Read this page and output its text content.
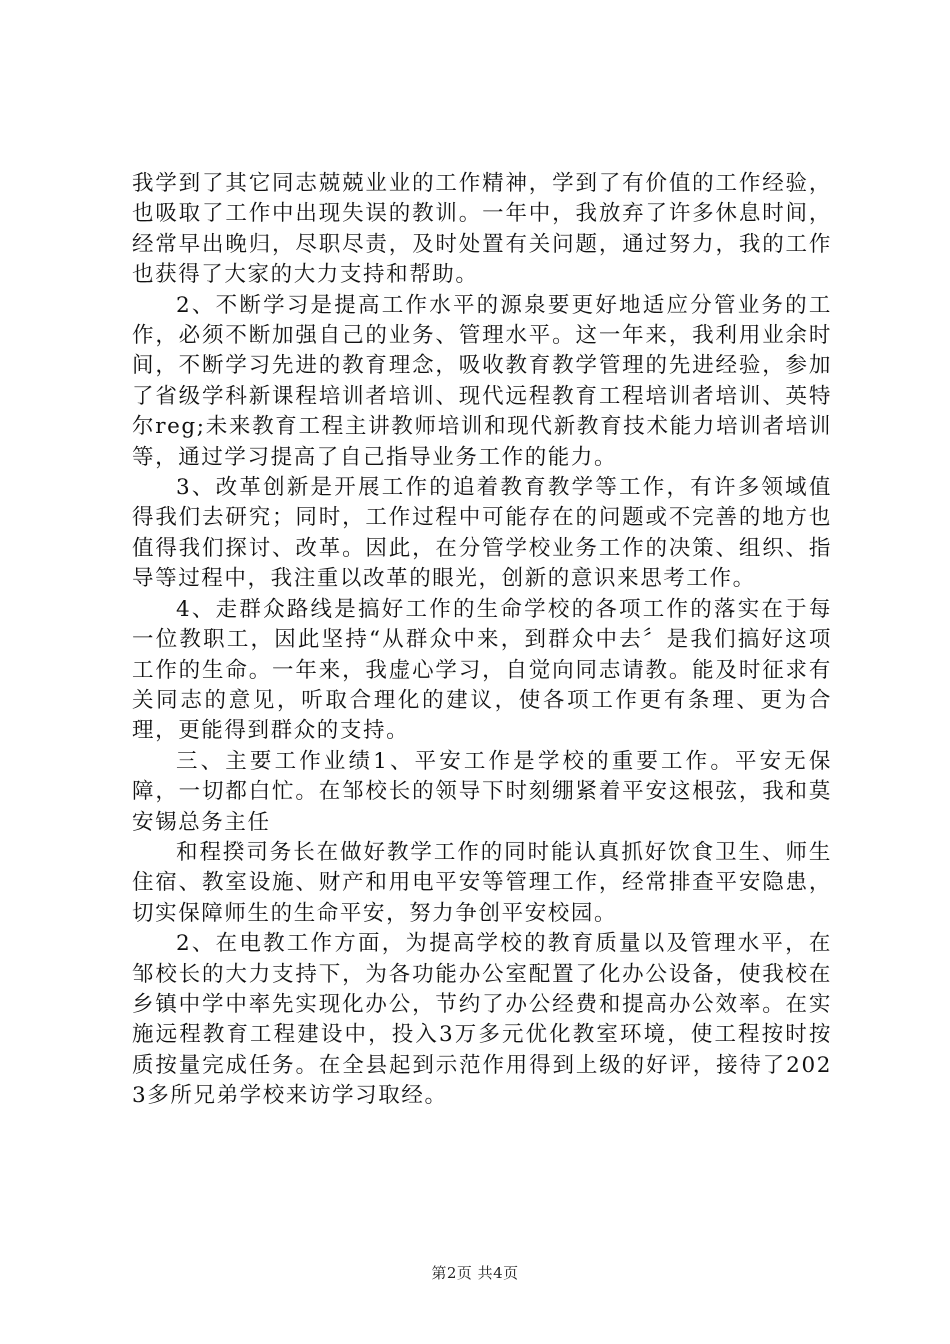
我学到了其它同志兢兢业业的工作精神，学到了有价值的工作经验，也吸取了工作中出现失误的教训。一年中，我放弃了许多休息时间，经常早出晚归，尽职尽责，及时处置有关问题，通过努力，我的工作也获得了大家的大力支持和帮助。

2、不断学习是提高工作水平的源泉要更好地适应分管业务的工作，必须不断加强自己的业务、管理水平。这一年来，我利用业余时间，不断学习先进的教育理念，吸收教育教学管理的先进经验，参加了省级学科新课程培训者培训、现代远程教育工程培训者培训、英特尔reg;未来教育工程主讲教师培训和现代新教育技术能力培训者培训等，通过学习提高了自己指导业务工作的能力。

3、改革创新是开展工作的追着教育教学等工作，有许多领域值得我们去研究；同时，工作过程中可能存在的问题或不完善的地方也值得我们探讨、改革。因此，在分管学校业务工作的决策、组织、指导等过程中，我注重以改革的眼光，创新的意识来思考工作。

4、走群众路线是搞好工作的生命学校的各项工作的落实在于每一位教职工，因此坚持“从群众中来，到群众中去〞是我们搞好这项工作的生命。一年来，我虚心学习，自觉向同志请教。能及时征求有关同志的意见，听取合理化的建议，使各项工作更有条理、更为合理，更能得到群众的支持。

三、主要工作业绩1、平安工作是学校的重要工作。平安无保障，一切都白忙。在邹校长的领导下时刻绷紧着平安这根弦，我和莫安锡总务主任

和程揆司务长在做好教学工作的同时能认真抓好饮食卫生、师生住宿、教室设施、财产和用电平安等管理工作，经常排查平安隐患，切实保障师生的生命平安，努力争创平安校园。

2、在电教工作方面，为提高学校的教育质量以及管理水平，在邹校长的大力支持下，为各功能办公室配置了化办公设备，使我校在乡镇中学中率先实现化办公，节约了办公经费和提高办公效率。在实施远程教育工程建设中，投入3万多元优化教室环境，使工程按时按质按量完成任务。在全县起到示范作用得到上级的好评，接待了2023多所兄弟学校来访学习取经。

第2页 共4页
